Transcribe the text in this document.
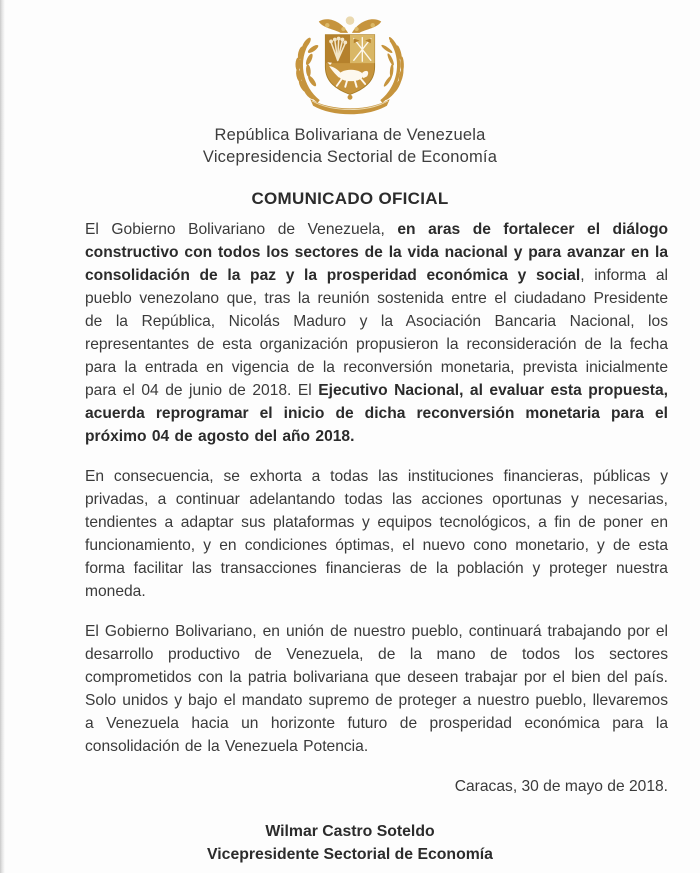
República Bolivariana de Venezuela
Vicepresidencia Sectorial de Economía
COMUNICADO OFICIAL

El Gobierno Bolivariano de Venezuela, en aras de fortalecer el diálogo constructivo con todos los sectores de la vida nacional y para avanzar en la consolidación de la paz y la prosperidad económica y social, informa al pueblo venezolano que, tras la reunión sostenida entre el ciudadano Presidente de la República, Nicolás Maduro y la Asociación Bancaria Nacional, los representantes de esta organización propusieron la reconsideración de la fecha para la entrada en vigencia de la reconversión monetaria, prevista inicialmente para el 04 de junio de 2018. El Ejecutivo Nacional, al evaluar esta propuesta, acuerda reprogramar el inicio de dicha reconversión monetaria para el próximo 04 de agosto del año 2018.

En consecuencia, se exhorta a todas las instituciones financieras, públicas y privadas, a continuar adelantando todas las acciones oportunas y necesarias, tendientes a adaptar sus plataformas y equipos tecnológicos, a fin de poner en funcionamiento, y en condiciones óptimas, el nuevo cono monetario, y de esta forma facilitar las transacciones financieras de la población y proteger nuestra moneda.

El Gobierno Bolivariano, en unión de nuestro pueblo, continuará trabajando por el desarrollo productivo de Venezuela, de la mano de todos los sectores comprometidos con la patria bolivariana que deseen trabajar por el bien del país. Solo unidos y bajo el mandato supremo de proteger a nuestro pueblo, llevaremos a Venezuela hacia un horizonte futuro de prosperidad económica para la consolidación de la Venezuela Potencia.

Caracas, 30 de mayo de 2018.

Wilmar Castro Soteldo
Vicepresidente Sectorial de Economía
